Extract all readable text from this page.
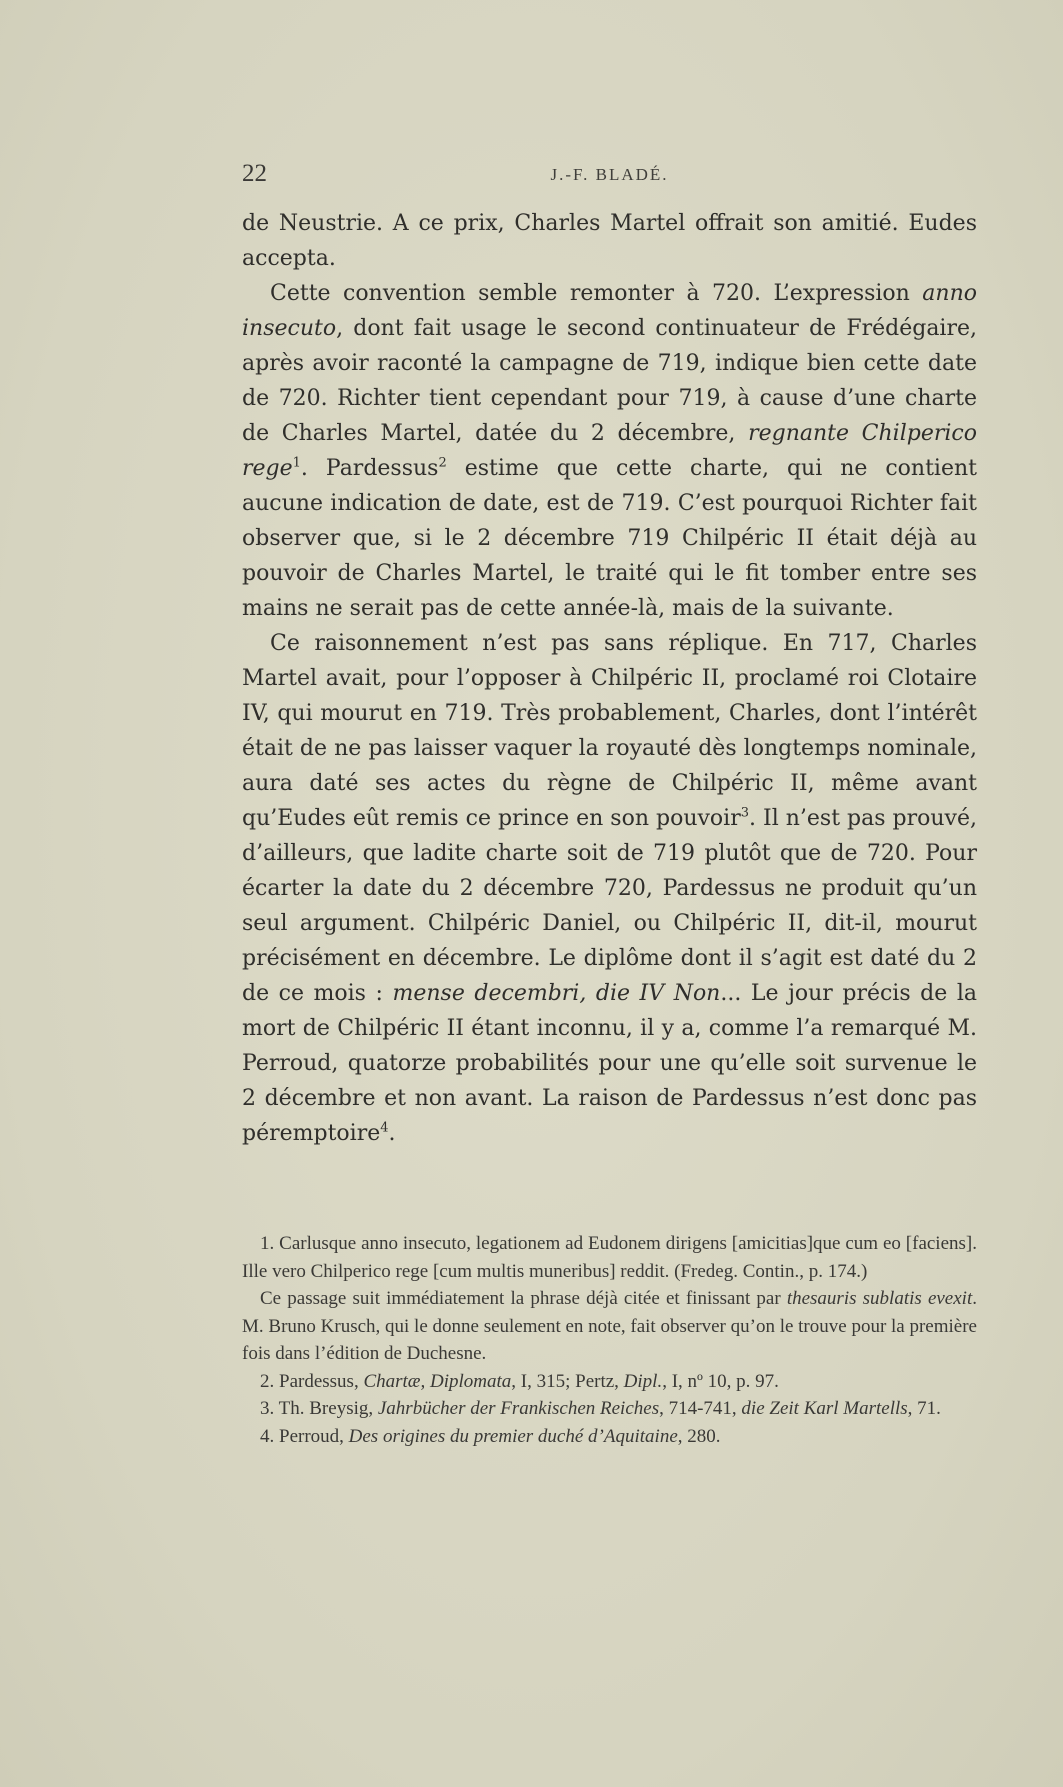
22	J.-F. BLADÉ.

de Neustrie. A ce prix, Charles Martel offrait son amitié. Eudes accepta.

Cette convention semble remonter à 720. L’expression anno insecuto, dont fait usage le second continuateur de Frédégaire, après avoir raconté la campagne de 719, indique bien cette date de 720. Richter tient cependant pour 719, à cause d’une charte de Charles Martel, datée du 2 décembre, regnante Chilperico rege$^1$. Pardessus$^2$ estime que cette charte, qui ne contient aucune indication de date, est de 719. C’est pourquoi Richter fait observer que, si le 2 décembre 719 Chilpéric II était déjà au pouvoir de Charles Martel, le traité qui le fit tomber entre ses mains ne serait pas de cette année-là, mais de la suivante.

Ce raisonnement n’est pas sans réplique. En 717, Charles Martel avait, pour l’opposer à Chilpéric II, proclamé roi Clotaire IV, qui mourut en 719. Très probablement, Charles, dont l’intérêt était de ne pas laisser vaquer la royauté dès longtemps nominale, aura daté ses actes du règne de Chilpéric II, même avant qu’Eudes eût remis ce prince en son pouvoir$^3$. Il n’est pas prouvé, d’ailleurs, que ladite charte soit de 719 plutôt que de 720. Pour écarter la date du 2 décembre 720, Pardessus ne produit qu’un seul argument. Chilpéric Daniel, ou Chilpéric II, dit-il, mourut précisément en décembre. Le diplôme dont il s’agit est daté du 2 de ce mois : mense decembri, die IV Non... Le jour précis de la mort de Chilpéric II étant inconnu, il y a, comme l’a remarqué M. Perroud, quatorze probabilités pour une qu’elle soit survenue le 2 décembre et non avant. La raison de Pardessus n’est donc pas péremptoire$^4$.

1. Carlusque anno insecuto, legationem ad Eudonem dirigens [amicitias]que cum eo [faciens]. Ille vero Chilperico rege [cum multis muneribus] reddit. (Fredeg. Contin., p. 174.)

Ce passage suit immédiatement la phrase déjà citée et finissant par thesauris sublatis evexit. M. Bruno Krusch, qui le donne seulement en note, fait observer qu’on le trouve pour la première fois dans l’édition de Duchesne.

2. Pardessus, Chartæ, Diplomata, I, 315; Pertz, Dipl., I, nº 10, p. 97.

3. Th. Breysig, Jahrbücher der Frankischen Reiches, 714-741, die Zeit Karl Martells, 71.

4. Perroud, Des origines du premier duché d’Aquitaine, 280.
